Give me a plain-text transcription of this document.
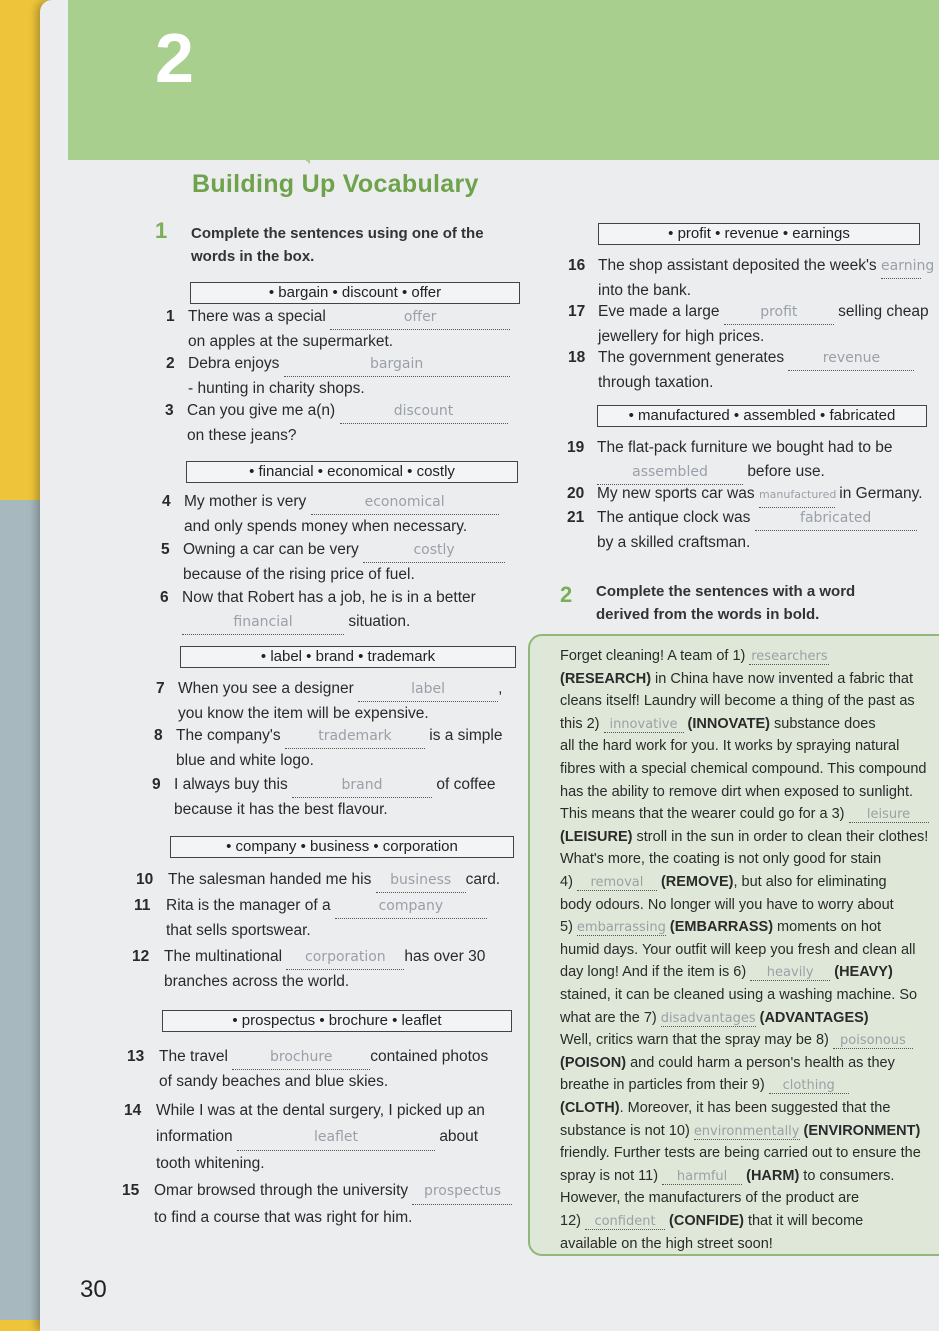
2
Building Up Vocabulary
1 Complete the sentences using one of the
words in the box.
• bargain • discount • offer
• financial • economical • costly
• label • brand • trademark
• company • business • corporation
• prospectus • brochure • leaflet
1 There was a special	offer
on apples at the supermarket.
2 Debra enjoys	bargain
- hunting in charity shops.
3 Can you give me a(n)	discount
on these jeans?
4 My mother is very	economical
and only spends money when necessary.
5 Owning a car can be very	costly
because of the rising price of fuel.
6 Now that Robert has a job, he is in a better
financial	situation.
7 When you see a designer	label	,
you know the item will be expensive.
8 The company's	trademark is a simple
blue and white logo.
9 I always buy this	brand	of coffee
because it has the best flavour.
10 The salesman handed me his business card.
11 Rita is the manager of a	company
that sells sportswear.
12 The multinational corporation has over 30
branches across the world.
13 The travel	brochure contained photos
of sandy beaches and blue skies.
14 While I was at the dental surgery, I picked up an
information	leaflet	about
tooth whitening.
15 Omar browsed through the university prospectus
to find a course that was right for him.
• profit • revenue • earnings
• manufactured • assembled • fabricated
16 The shop assistant deposited the week's earning
into the bank.
17 Eve made a large	profit	selling cheap
jewellery for high prices.
18 The government generates	revenue
through taxation.
19 The flat-pack furniture we bought had to be
assembled	before use.
20 My new sports car was manufactured in Germany.
21 The antique clock was	fabricated
by a skilled craftsman.
2 Complete the sentences with a word
derived from the words in bold.
Forget cleaning! A team of 1) researchers
(RESEARCH) in China have now invented a fabric that
cleans itself! Laundry will become a thing of the past as
this 2) innovative (INNOVATE) substance does
all the hard work for you. It works by spraying natural
fibres with a special chemical compound. This compound
has the ability to remove dirt when exposed to sunlight.
This means that the wearer could go for a 3) leisure
(LEISURE) stroll in the sun in order to clean their clothes!
What's more, the coating is not only good for stain
4) removal (REMOVE), but also for eliminating
body odours. No longer will you have to worry about
5) embarrassing (EMBARRASS) moments on hot
humid days. Your outfit will keep you fresh and clean all
day long! And if the item is 6) heavily (HEAVY)
stained, it can be cleaned using a washing machine. So
what are the 7) disadvantages (ADVANTAGES)
Well, critics warn that the spray may be 8) poisonous
(POISON) and could harm a person's health as they
breathe in particles from their 9) clothing
(CLOTH). Moreover, it has been suggested that the
substance is not 10) environmentally (ENVIRONMENT)
friendly. Further tests are being carried out to ensure the
spray is not 11) harmful (HARM) to consumers.
However, the manufacturers of the product are
12) confident (CONFIDE) that it will become
available on the high street soon!
30
